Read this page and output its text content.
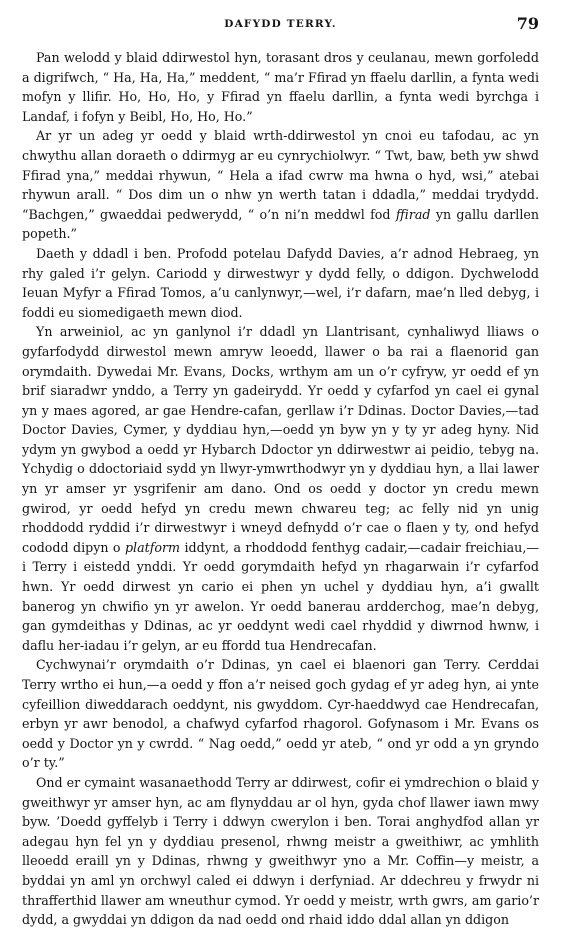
DAFYDD TERRY.	79

Pan welodd y blaid ddirwestol hyn, torasant dros y ceulanau, mewn gorfoledd a digrifwch, “ Ha, Ha, Ha,” meddent, “ ma’r Ffirad yn ffaelu darllin, a fynta wedi mofyn y llifir. Ho, Ho, Ho, y Ffirad yn ffaelu darllin, a fynta wedi byrchga i Landaf, i fofyn y Beibl, Ho, Ho, Ho.”

Ar yr un adeg yr oedd y blaid wrth-ddirwestol yn cnoi eu tafodau, ac yn chwythu allan doraeth o ddirmyg ar eu cynrychiolwyr. “ Twt, baw, beth yw shwd Ffirad yna,” meddai rhywun, “ Hela a ifad cwrw ma hwna o hyd, wsi,” atebai rhywun arall. “ Dos dim un o nhw yn werth tatan i ddadla,” meddai trydydd. “Bachgen,” gwaeddai pedwerydd, “ o’n ni’n meddwl fod ffirad yn gallu darllen popeth.”

Daeth y ddadl i ben. Profodd potelau Dafydd Davies, a’r adnod Hebraeg, yn rhy galed i’r gelyn. Cariodd y dirwestwyr y dydd felly, o ddigon. Dychwelodd Ieuan Myfyr a Ffirad Tomos, a’u canlynwyr,—wel, i’r dafarn, mae’n lled debyg, i foddi eu siomedigaeth mewn diod.

Yn arweiniol, ac yn ganlynol i’r ddadl yn Llantrisant, cynhaliwyd lliaws o gyfarfodydd dirwestol mewn amryw leoedd, llawer o ba rai a flaenorid gan orymdaith. Dywedai Mr. Evans, Docks, wrthym am un o’r cyfryw, yr oedd ef yn brif siaradwr ynddo, a Terry yn gadeirydd. Yr oedd y cyfarfod yn cael ei gynal yn y maes agored, ar gae Hendre-cafan, gerllaw i’r Ddinas. Doctor Davies,—tad Doctor Davies, Cymer, y dyddiau hyn,—oedd yn byw yn y ty yr adeg hyny. Nid ydym yn gwybod a oedd yr Hybarch Ddoctor yn ddirwestwr ai peidio, tebyg na. Ychydig o ddoctoriaid sydd yn llwyr-ymwrthodwyr yn y dyddiau hyn, a llai lawer yn yr amser yr ysgrifenir am dano. Ond os oedd y doctor yn credu mewn gwirod, yr oedd hefyd yn credu mewn chwareu teg; ac felly nid yn unig rhoddodd ryddid i’r dirwestwyr i wneyd defnydd o’r cae o flaen y ty, ond hefyd cododd dipyn o platform iddynt, a rhoddodd fenthyg cadair,—cadair freichiau,—i Terry i eistedd ynddi. Yr oedd gorymdaith hefyd yn rhagarwain i’r cyfarfod hwn. Yr oedd dirwest yn cario ei phen yn uchel y dyddiau hyn, a’i gwallt banerog yn chwifio yn yr awelon. Yr oedd banerau ardderchog, mae’n debyg, gan gymdeithas y Ddinas, ac yr oeddynt wedi cael rhyddid y diwrnod hwnw, i daflu her-iadau i’r gelyn, ar eu ffordd tua Hendrecafan.

Cychwynai’r orymdaith o’r Ddinas, yn cael ei blaenori gan Terry. Cerddai Terry wrtho ei hun,—a oedd y ffon a’r neised goch gydag ef yr adeg hyn, ai ynte cyfeillion diweddarach oeddynt, nis gwyddom. Cyr-haeddwyd cae Hendrecafan, erbyn yr awr benodol, a chafwyd cyfarfod rhagorol. Gofynasom i Mr. Evans os oedd y Doctor yn y cwrdd. “ Nag oedd,” oedd yr ateb, “ ond yr odd a yn gryndo o’r ty.”

Ond er cymaint wasanaethodd Terry ar ddirwest, cofir ei ymdrechion o blaid y gweithwyr yr amser hyn, ac am flynyddau ar ol hyn, gyda chof llawer iawn mwy byw. ’Doedd gyffelyb i Terry i ddwyn cwerylon i ben. Torai anghydfod allan yr adegau hyn fel yn y dyddiau presenol, rhwng meistr a gweithiwr, ac ymhlith lleoedd eraill yn y Ddinas, rhwng y gweithwyr yno a Mr. Coffin—y meistr, a byddai yn aml yn orchwyl caled ei ddwyn i derfyniad. Ar ddechreu y frwydr ni thrafferthid llawer am wneuthur cymod. Yr oedd y meistr, wrth gwrs, am gario’r dydd, a gwyddai yn ddigon da nad oedd ond rhaid iddo ddal allan yn ddigon
